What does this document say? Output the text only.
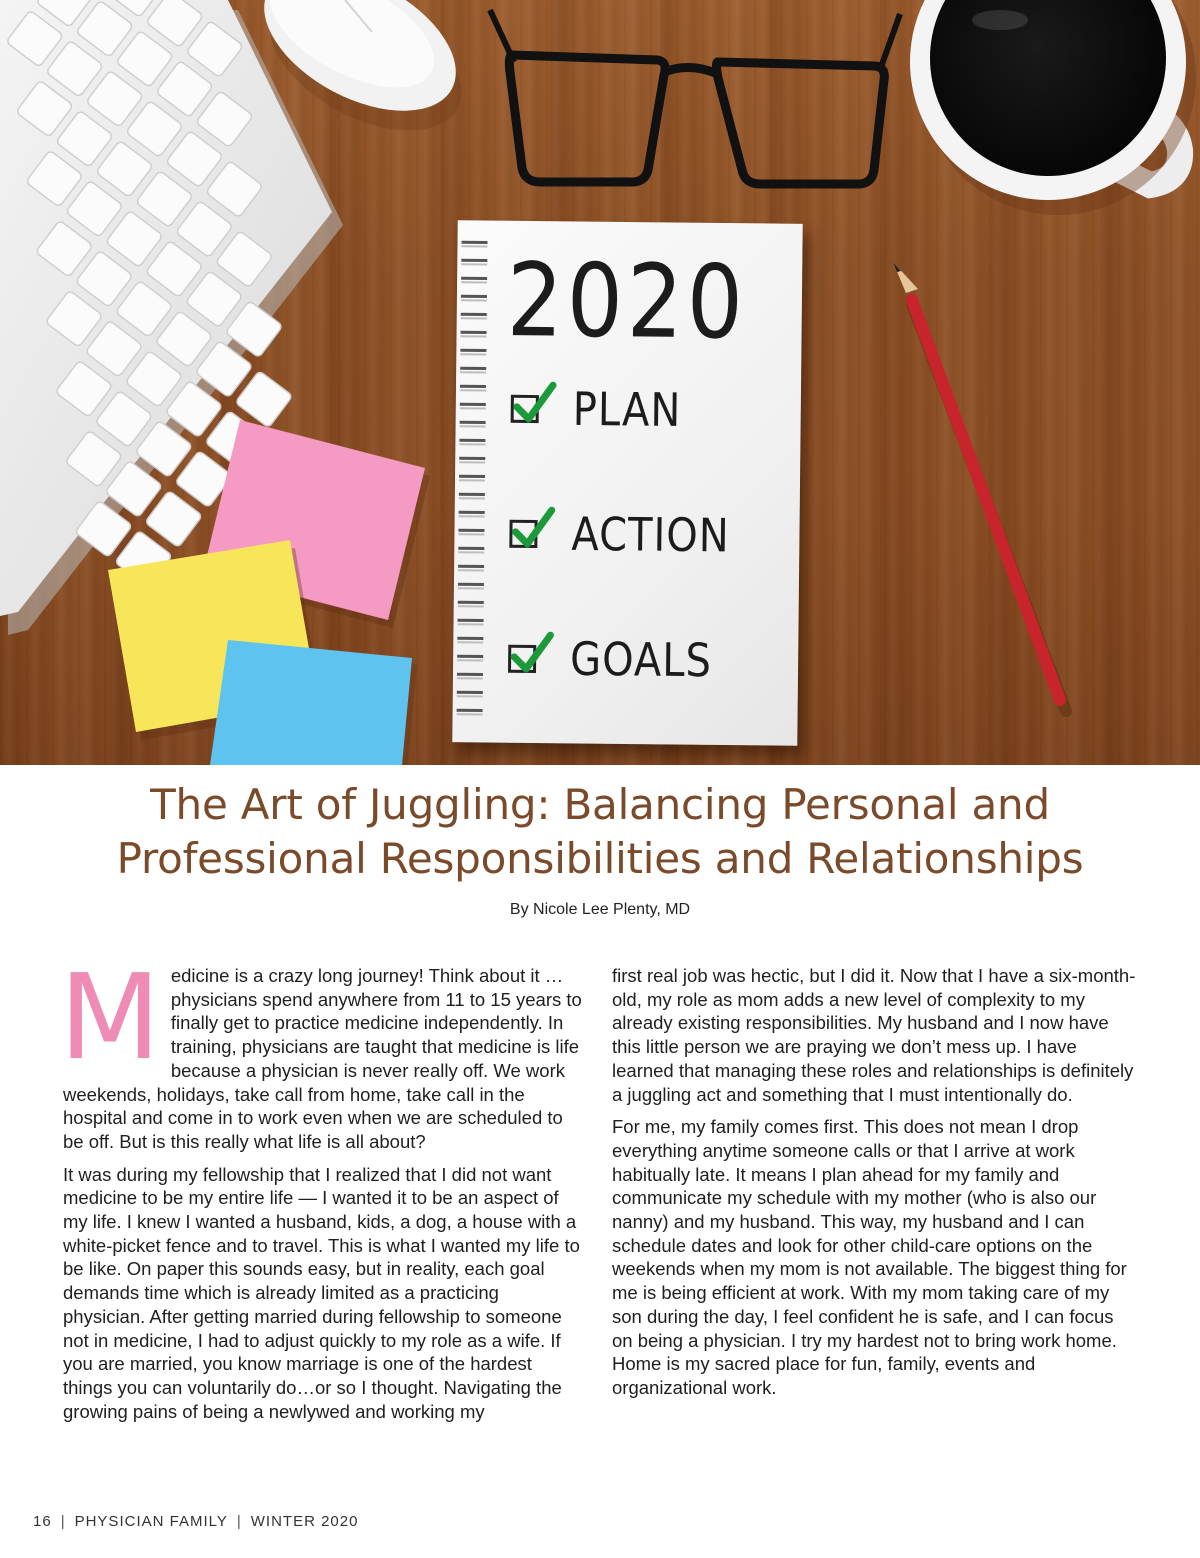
2020
PLAN
ACTION
GOALS
The Art of Juggling: Balancing Personal and
Professional Responsibilities and Relationships
By Nicole Lee Plenty, MD

Medicine is a crazy long journey! Think about it … physicians spend anywhere from 11 to 15 years to finally get to practice medicine independently. In training, physicians are taught that medicine is life because a physician is never really off. We work weekends, holidays, take call from home, take call in the hospital and come in to work even when we are scheduled to be off. But is this really what life is all about?

It was during my fellowship that I realized that I did not want medicine to be my entire life — I wanted it to be an aspect of my life. I knew I wanted a husband, kids, a dog, a house with a white-picket fence and to travel. This is what I wanted my life to be like. On paper this sounds easy, but in reality, each goal demands time which is already limited as a practicing physician. After getting married during fellowship to someone not in medicine, I had to adjust quickly to my role as a wife. If you are married, you know marriage is one of the hardest things you can voluntarily do…or so I thought. Navigating the growing pains of being a newlywed and working my

first real job was hectic, but I did it. Now that I have a six-month-old, my role as mom adds a new level of complexity to my already existing responsibilities. My husband and I now have this little person we are praying we don’t mess up. I have learned that managing these roles and relationships is definitely a juggling act and something that I must intentionally do.

For me, my family comes first. This does not mean I drop everything anytime someone calls or that I arrive at work habitually late. It means I plan ahead for my family and communicate my schedule with my mother (who is also our nanny) and my husband. This way, my husband and I can schedule dates and look for other child-care options on the weekends when my mom is not available. The biggest thing for me is being efficient at work. With my mom taking care of my son during the day, I feel confident he is safe, and I can focus on being a physician. I try my hardest not to bring work home. Home is my sacred place for fun, family, events and organizational work.

16 | PHYSICIAN FAMILY | WINTER 2020
